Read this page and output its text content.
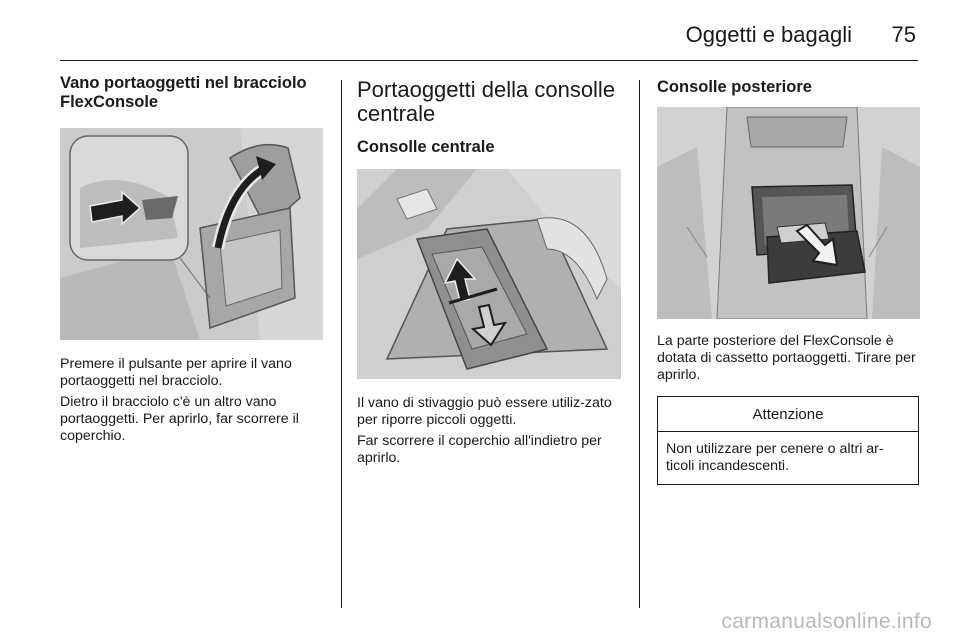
Oggetti e bagagli 75
Vano portaoggetti nel bracciolo FlexConsole

Premere il pulsante per aprire il vano portaoggetti nel bracciolo.

Dietro il bracciolo c'è un altro vano portaoggetti. Per aprirlo, far scorrere il coperchio.

Portaoggetti della consolle centrale
Consolle centrale

Il vano di stivaggio può essere utiliz-zato per riporre piccoli oggetti.

Far scorrere il coperchio all'indietro per aprirlo.

Consolle posteriore

La parte posteriore del FlexConsole è dotata di cassetto portaoggetti. Tirare per aprirlo.

Attenzione
Non utilizzare per cenere o altri ar-ticoli incandescenti.
carmanualsonline.info
